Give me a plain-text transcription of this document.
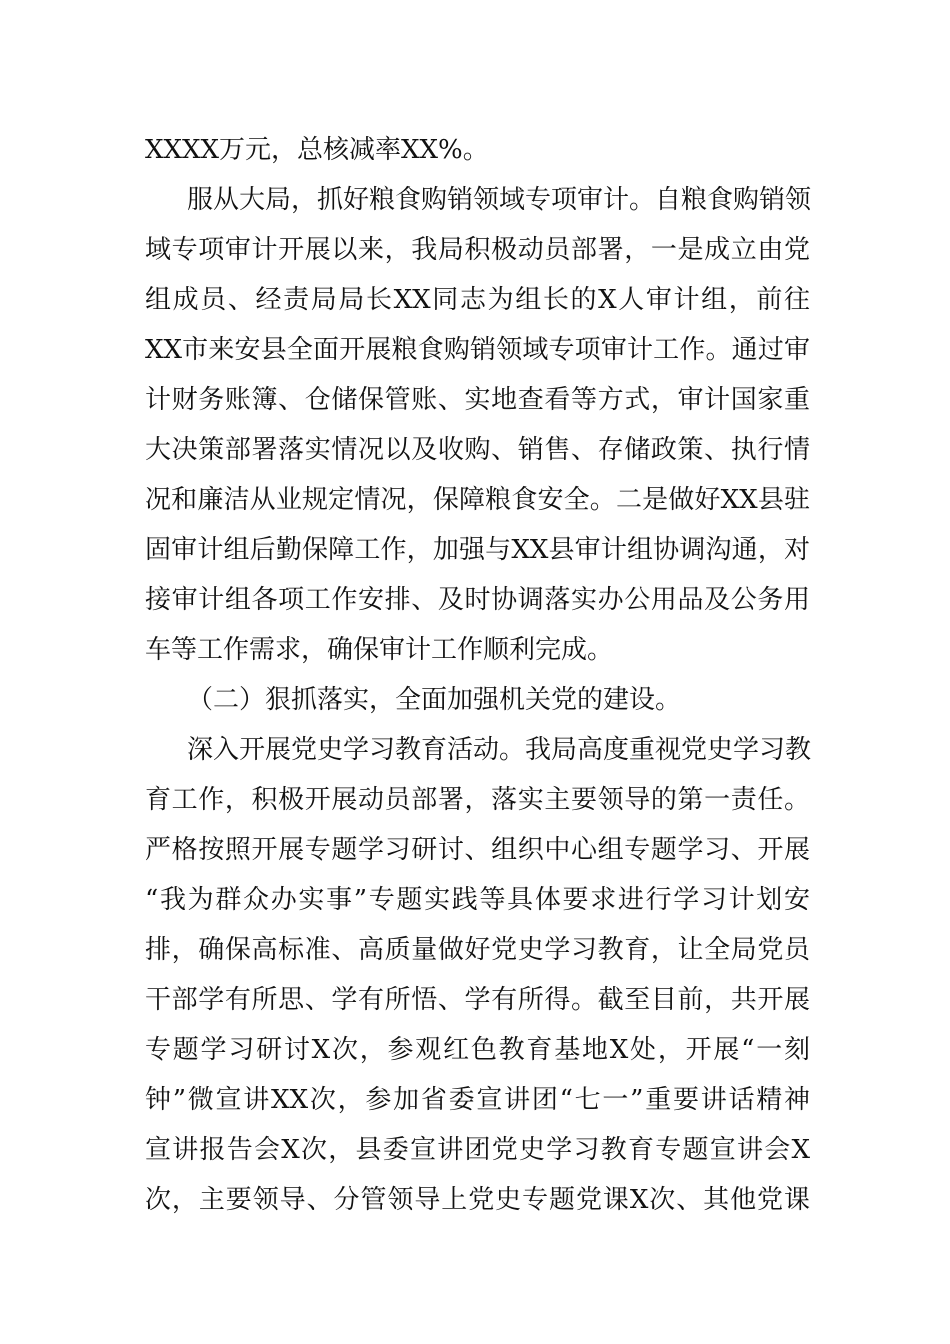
XXXX万元，总核减率XX%。
服从大局，抓好粮食购销领域专项审计。自粮食购销领
域专项审计开展以来，我局积极动员部署，一是成立由党
组成员、经责局局长XX同志为组长的X人审计组，前往
XX市来安县全面开展粮食购销领域专项审计工作。通过审
计财务账簿、仓储保管账、实地查看等方式，审计国家重
大决策部署落实情况以及收购、销售、存储政策、执行情
况和廉洁从业规定情况，保障粮食安全。二是做好XX县驻
固审计组后勤保障工作，加强与XX县审计组协调沟通，对
接审计组各项工作安排、及时协调落实办公用品及公务用
车等工作需求，确保审计工作顺利完成。
（二）狠抓落实，全面加强机关党的建设。
深入开展党史学习教育活动。我局高度重视党史学习教
育工作，积极开展动员部署，落实主要领导的第一责任。
严格按照开展专题学习研讨、组织中心组专题学习、开展
“我为群众办实事”专题实践等具体要求进行学习计划安
排，确保高标准、高质量做好党史学习教育，让全局党员
干部学有所思、学有所悟、学有所得。截至目前，共开展
专题学习研讨X次，参观红色教育基地X处，开展“一刻
钟”微宣讲XX次，参加省委宣讲团“七一”重要讲话精神
宣讲报告会X次，县委宣讲团党史学习教育专题宣讲会X
次，主要领导、分管领导上党史专题党课X次、其他党课
